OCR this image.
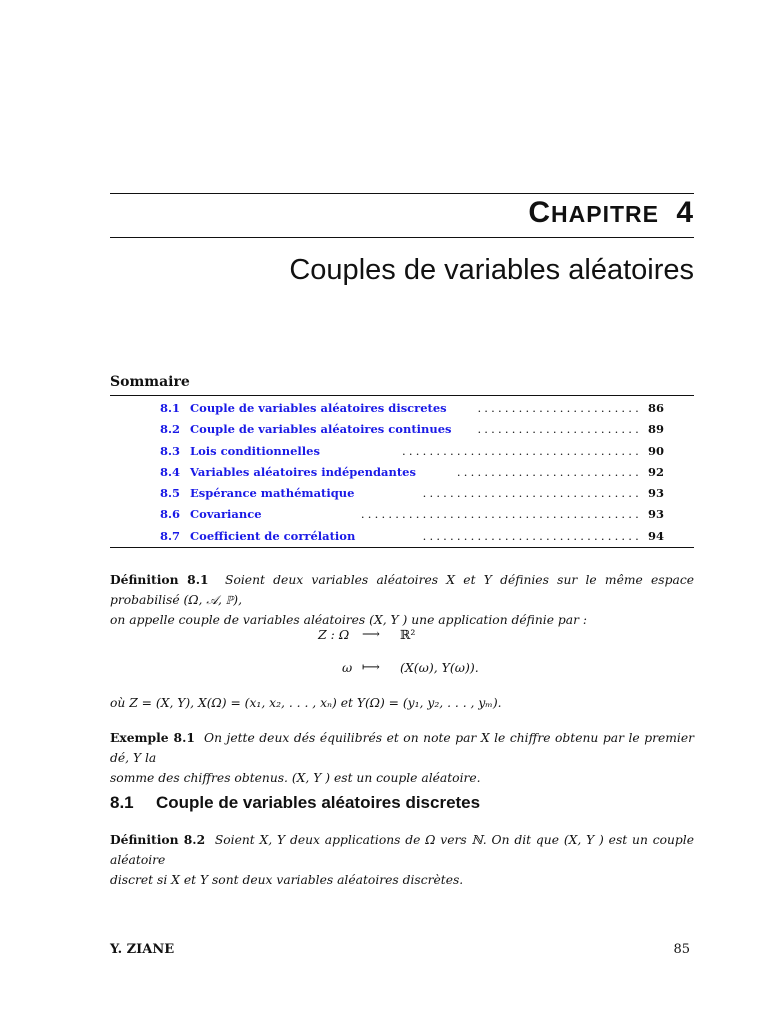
CHAPITRE 4
Couples de variables aléatoires
Sommaire
8.1 Couple de variables aléatoires discretes	........................ 86
8.2 Couple de variables aléatoires continues	........................ 89
8.3 Lois conditionnelles	................................... 90
8.4 Variables aléatoires indépendantes	........................... 92
8.5 Espérance mathématique	................................ 93
8.6 Covariance	......................................... 93
8.7 Coefficient de corrélation	................................ 94
Définition 8.1 Soient deux variables aléatoires X et Y définies sur le même espace probabilisé (Ω, 𝒜, ℙ),
on appelle couple de variables aléatoires (X, Y ) une application définie par :
Z : Ω ⟶ ℝ²
ω ⟼ (X(ω), Y(ω)).
où Z = (X, Y), X(Ω) = (x₁, x₂, . . . , xₙ) et Y(Ω) = (y₁, y₂, . . . , yₘ).
Exemple 8.1 On jette deux dés équilibrés et on note par X le chiffre obtenu par le premier dé, Y la
somme des chiffres obtenus. (X, Y ) est un couple aléatoire.
8.1 Couple de variables aléatoires discretes
Définition 8.2 Soient X, Y deux applications de Ω vers ℕ. On dit que (X, Y ) est un couple aléatoire
discret si X et Y sont deux variables aléatoires discrètes.
Y. ZIANE	85
